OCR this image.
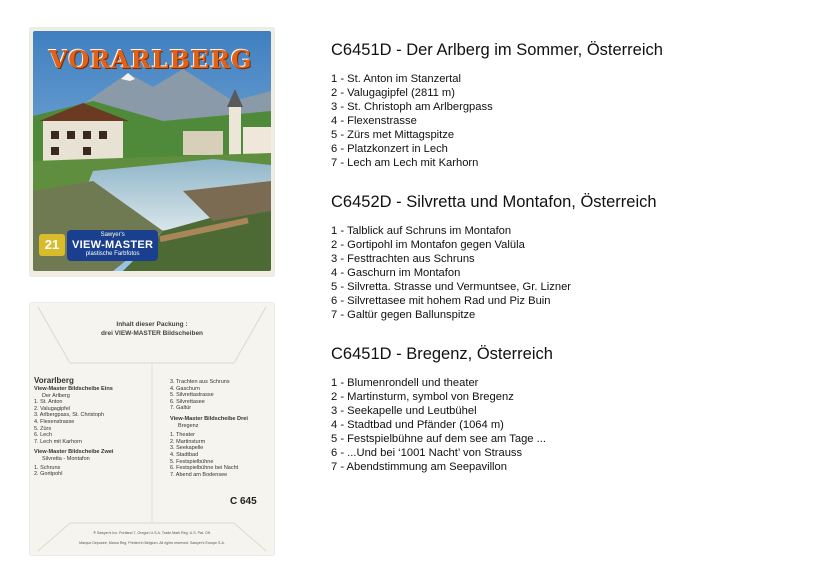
VORARLBERG
21
Sawyer's
VIEW-MASTER
plastische Farbfotos
Inhalt dieser Packung :
drei VIEW-MASTER Bildscheiben
Vorarlberg
View-Master Bildscheibe Eins
Der Arlberg
1. St. Anton
2. Valugagipfel
3. Arlbergpass, St. Christoph
4. Flexenstrasse
5. Zürs
6. Lech
7. Lech mit Karhorn
View-Master Bildscheibe Zwei
Silvretta - Montafon
1. Schruns
2. Gortipohl
3. Trachten aus Schruns
4. Gaschurn
5. Silvrettastrasse
6. Silvrettasee
7. Galtür
View-Master Bildscheibe Drei
Bregenz
1. Theater
2. Martinsturm
3. Seekapelle
4. Stadtbad
5. Festspielbühne
6. Festspielbühne bei Nacht
7. Abend am Bodensee
C 645
® Sawyer's Inc. Portland 7, Oregon U.S.A. Trade Mark Reg. U.S. Pat. Off.
Marque Déposée, Marca Reg. Printed in Belgium. All rights reserved. Sawyer's Europe S.A.
C6451D - Der Arlberg im Sommer, Österreich
1 - St. Anton im Stanzertal
2 - Valugagipfel (2811 m)
3 - St. Christoph am Arlbergpass
4 - Flexenstrasse
5 - Zürs met Mittagspitze
6 - Platzkonzert in Lech
7 - Lech am Lech mit Karhorn
C6452D - Silvretta und Montafon, Österreich
1 - Talblick auf Schruns im Montafon
2 - Gortipohl im Montafon gegen Valüla
3 - Festtrachten aus Schruns
4 - Gaschurn im Montafon
5 - Silvretta. Strasse und Vermuntsee, Gr. Lizner
6 - Silvrettasee mit hohem Rad und Piz Buin
7 - Galtür gegen Ballunspitze
C6451D - Bregenz, Österreich
1 - Blumenrondell und theater
2 - Martinsturm, symbol von Bregenz
3 - Seekapelle und Leutbühel
4 - Stadtbad und Pfänder (1064 m)
5 - Festspielbühne auf dem see am Tage ...
6 - ...Und bei ‘1001 Nacht’ von Strauss
7 - Abendstimmung am Seepavillon
